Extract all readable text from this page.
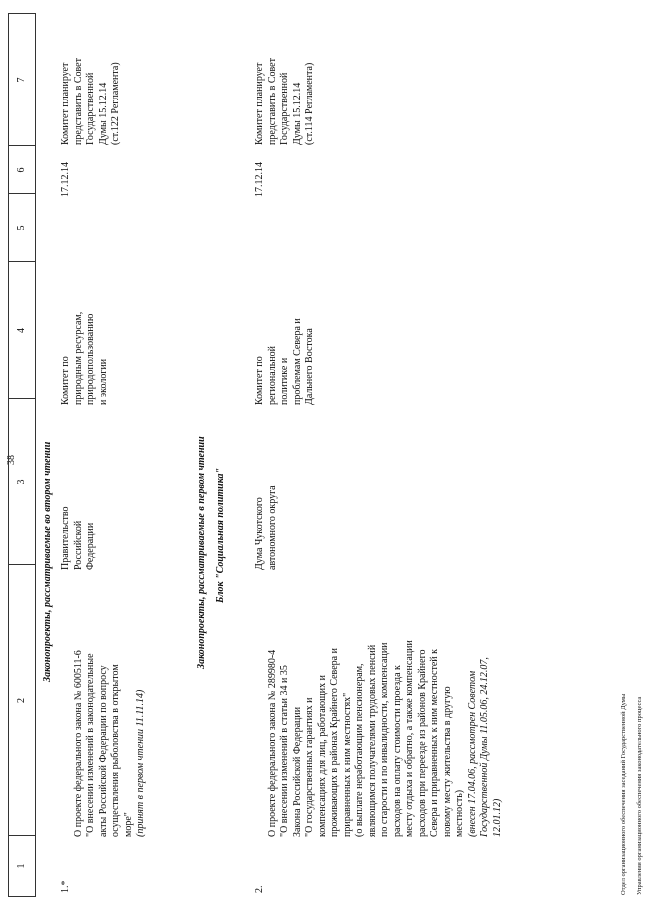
38
1
2
3
4
5
6
7
Законопроекты, рассматриваемые во втором чтении
1.*

О проекте федерального закона № 600511-6
"О внесении изменений в законодательные
акты Российской Федерации по вопросу
осуществления рыболовства в открытом
море" (принят в первом чтении 11.11.14)

Правительство
Российской
Федерации
Комитет по
природным ресурсам,
природопользованию
и экологии
17.12.14
Комитет планирует
представить в Совет
Государственной
Думы 15.12.14
(ст.122 Регламента)
Законопроекты, рассматриваемые в первом чтении Блок "Социальная политика"
2.

О проекте федерального закона № 289980-4
"О внесении изменений в статьи 34 и 35
Закона Российской Федерации
"О государственных гарантиях и
компенсациях для лиц, работающих и
проживающих в районах Крайнего Севера и
приравненных к ним местностях"
(о выплате неработающим пенсионерам,
являющимся получателями трудовых пенсий
по старости и по инвалидности, компенсации
расходов на оплату стоимости проезда к
месту отдыха и обратно, а также компенсации
расходов при переезде из районов Крайнего
Севера и приравненных к ним местностей к
новому месту жительства в другую
местность) (внесен 17.04.06, рассмотрен Советом
Государственной Думы 11.05.06, 24.12.07,
12.01.12)

Дума Чукотского
автономного округа
Комитет по
региональной
политике и
проблемам Севера и
Дальнего Востока
17.12.14
Комитет планирует
представить в Совет
Государственной
Думы 15.12.14
(ст.114 Регламента)

Отдел организационного обеспечения заседаний Государственной Думы Управления организационного обеспечения законодательного процесса
